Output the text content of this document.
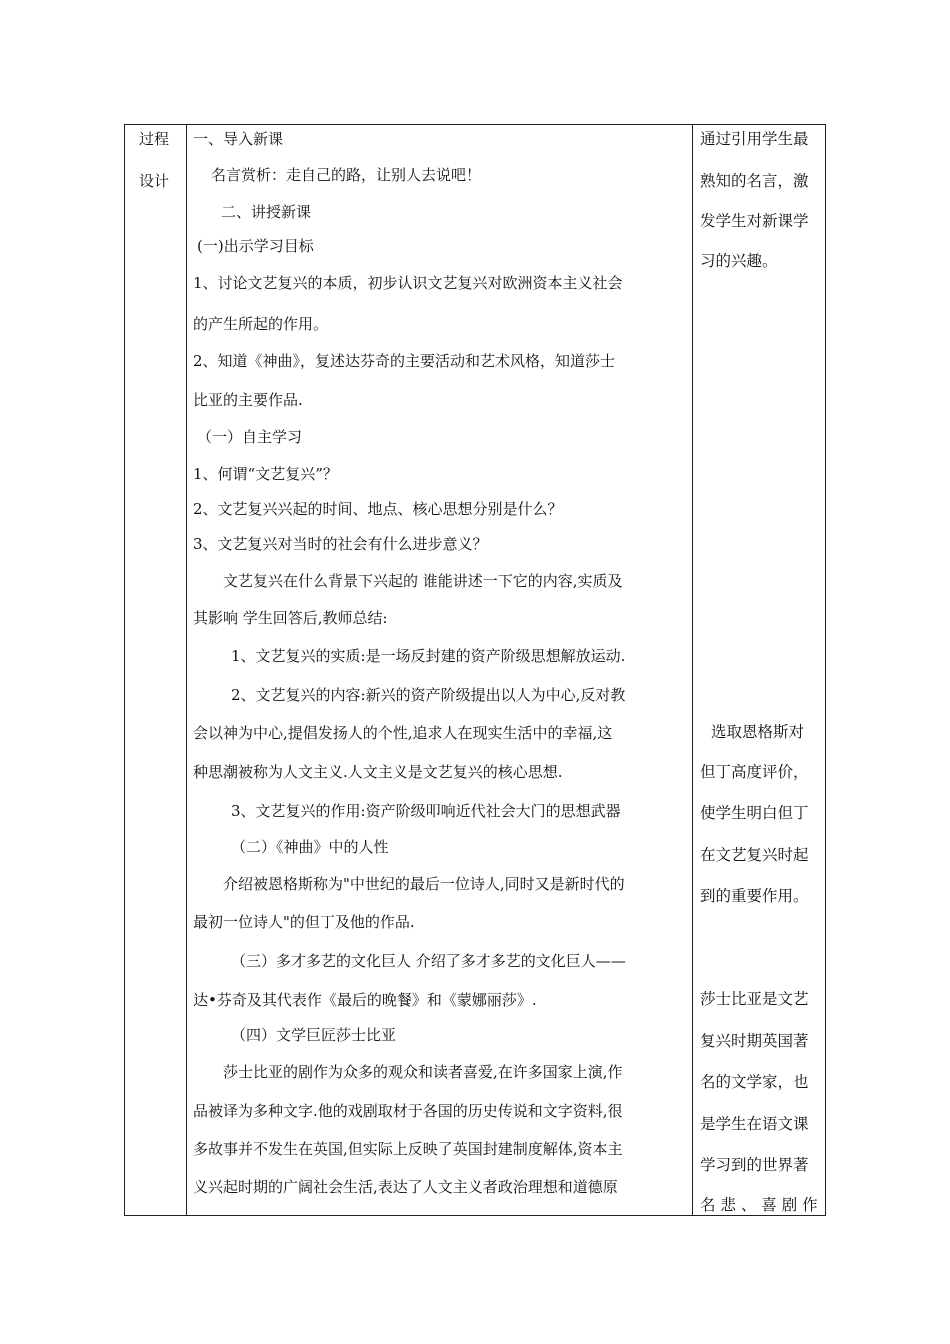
过程
设计
一、导入新课
名言赏析：走自己的路，让别人去说吧！
二、讲授新课
(一)出示学习目标
1、讨论文艺复兴的本质，初步认识文艺复兴对欧洲资本主义社会
的产生所起的作用。
2、知道《神曲》，复述达芬奇的主要活动和艺术风格，知道莎士
比亚的主要作品.
（一）自主学习
1、何谓“文艺复兴”？
2、文艺复兴兴起的时间、地点、核心思想分别是什么？
3、文艺复兴对当时的社会有什么进步意义？
文艺复兴在什么背景下兴起的 谁能讲述一下它的内容,实质及
其影响 学生回答后,教师总结:
1、文艺复兴的实质:是一场反封建的资产阶级思想解放运动.
2、文艺复兴的内容:新兴的资产阶级提出以人为中心,反对教
会以神为中心,提倡发扬人的个性,追求人在现实生活中的幸福,这
种思潮被称为人文主义.人文主义是文艺复兴的核心思想.
3、文艺复兴的作用:资产阶级叩响近代社会大门的思想武器
（二）《神曲》中的人性
介绍被恩格斯称为"中世纪的最后一位诗人,同时又是新时代的
最初一位诗人"的但丁及他的作品.
（三）多才多艺的文化巨人 介绍了多才多艺的文化巨人——
达•芬奇及其代表作《最后的晚餐》和《蒙娜丽莎》.
（四）文学巨匠莎士比亚
莎士比亚的剧作为众多的观众和读者喜爱,在许多国家上演,作
品被译为多种文字.他的戏剧取材于各国的历史传说和文字资料,很
多故事并不发生在英国,但实际上反映了英国封建制度解体,资本主
义兴起时期的广阔社会生活,表达了人文主义者政治理想和道德原
通过引用学生最
熟知的名言，激
发学生对新课学
习的兴趣。
选取恩格斯对
但丁高度评价，
使学生明白但丁
在文艺复兴时起
到的重要作用。
莎士比亚是文艺
复兴时期英国著
名的文学家，也
是学生在语文课
学习到的世界著
名 悲 、 喜 剧 作
